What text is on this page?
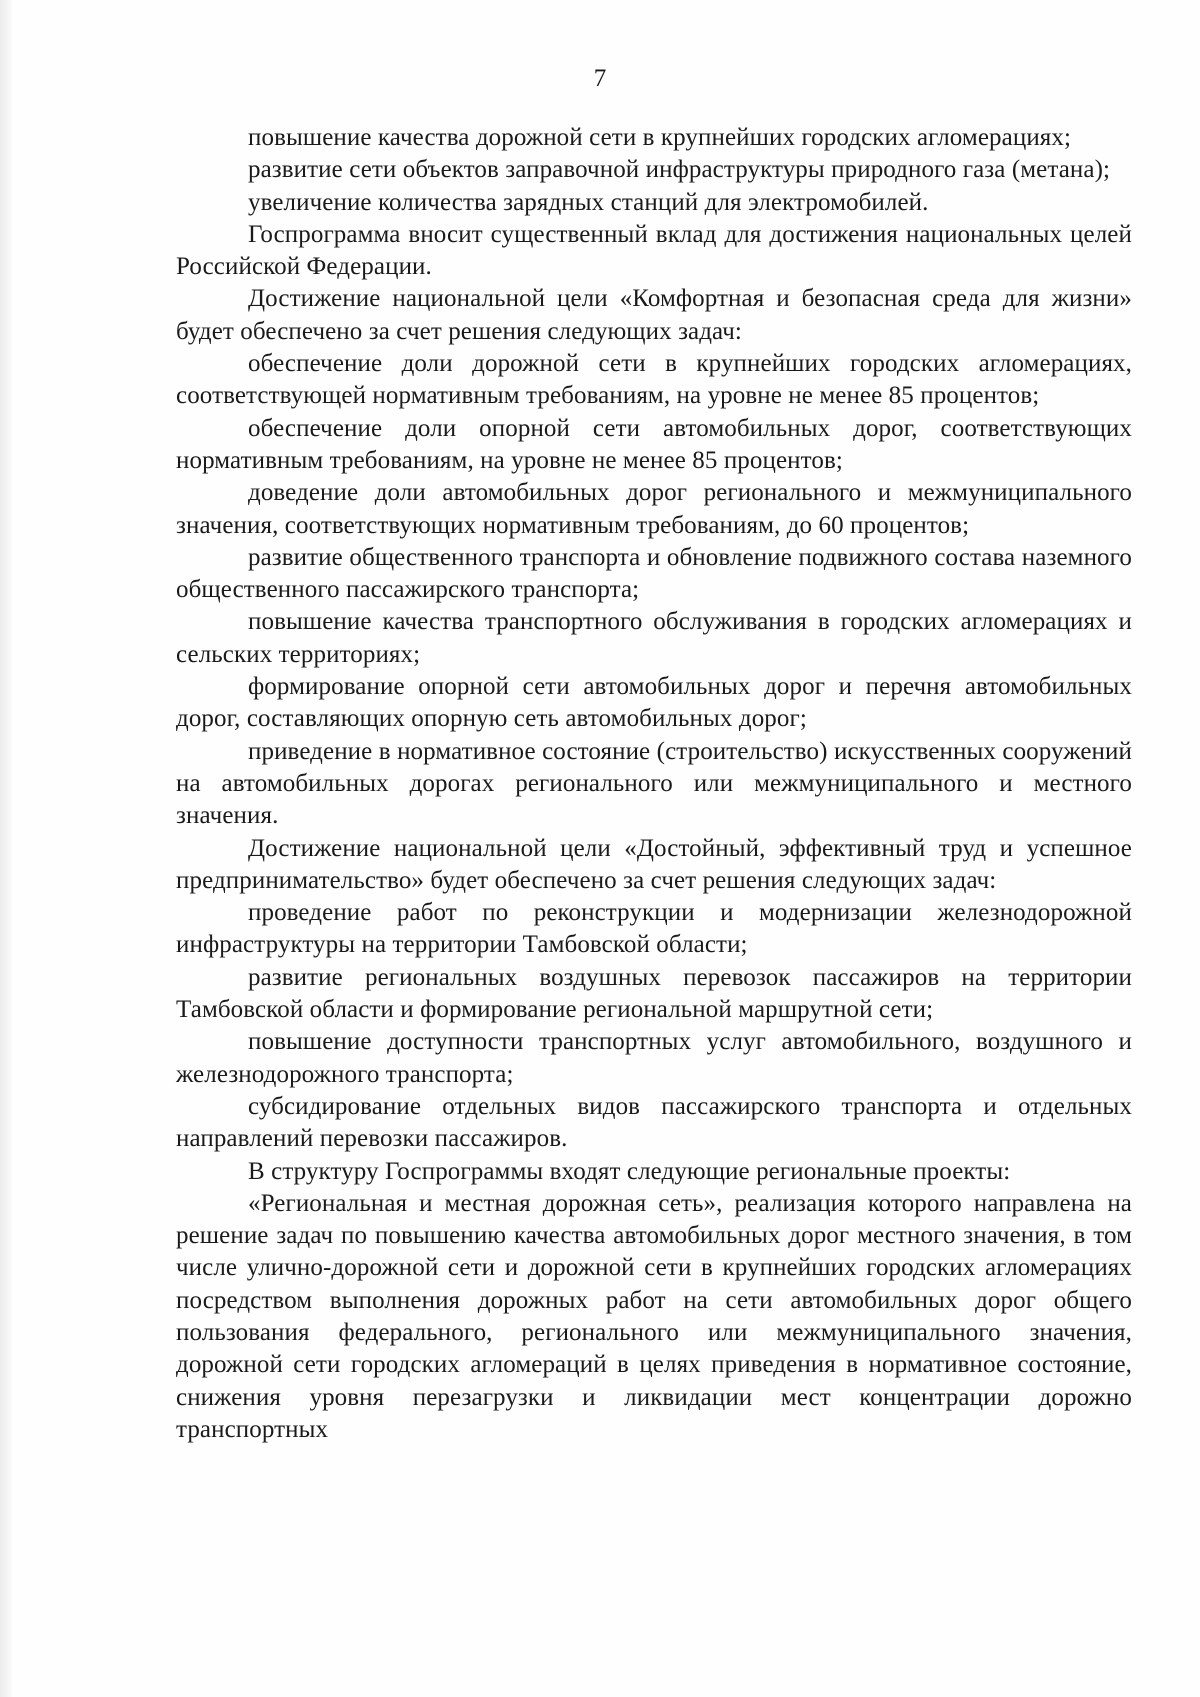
7

повышение качества дорожной сети в крупнейших городских агломерациях;

развитие сети объектов заправочной инфраструктуры природного газа (метана);

увеличение количества зарядных станций для электромобилей.

Госпрограмма вносит существенный вклад для достижения национальных целей Российской Федерации.

Достижение национальной цели «Комфортная и безопасная среда для жизни» будет обеспечено за счет решения следующих задач:

обеспечение доли дорожной сети в крупнейших городских агломерациях, соответствующей нормативным требованиям, на уровне не менее 85 процентов;

обеспечение доли опорной сети автомобильных дорог, соответствующих нормативным требованиям, на уровне не менее 85 процентов;

доведение доли автомобильных дорог регионального и межмуниципального значения, соответствующих нормативным требованиям, до 60 процентов;

развитие общественного транспорта и обновление подвижного состава наземного общественного пассажирского транспорта;

повышение качества транспортного обслуживания в городских агломерациях и сельских территориях;

формирование опорной сети автомобильных дорог и перечня автомобильных дорог, составляющих опорную сеть автомобильных дорог;

приведение в нормативное состояние (строительство) искусственных сооружений на автомобильных дорогах регионального или межмуниципального и местного значения.

Достижение национальной цели «Достойный, эффективный труд и успешное предпринимательство» будет обеспечено за счет решения следующих задач:

проведение работ по реконструкции и модернизации железнодорожной инфраструктуры на территории Тамбовской области;

развитие региональных воздушных перевозок пассажиров на территории Тамбовской области и формирование региональной маршрутной сети;

повышение доступности транспортных услуг автомобильного, воздушного и железнодорожного транспорта;

субсидирование отдельных видов пассажирского транспорта и отдельных направлений перевозки пассажиров.

В структуру Госпрограммы входят следующие региональные проекты:

«Региональная и местная дорожная сеть», реализация которого направлена на решение задач по повышению качества автомобильных дорог местного значения, в том числе улично-дорожной сети и дорожной сети в крупнейших городских агломерациях посредством выполнения дорожных работ на сети автомобильных дорог общего пользования федерального, регионального или межмуниципального значения, дорожной сети городских агломераций в целях приведения в нормативное состояние, снижения уровня перезагрузки и ликвидации мест концентрации дорожно транспортных
